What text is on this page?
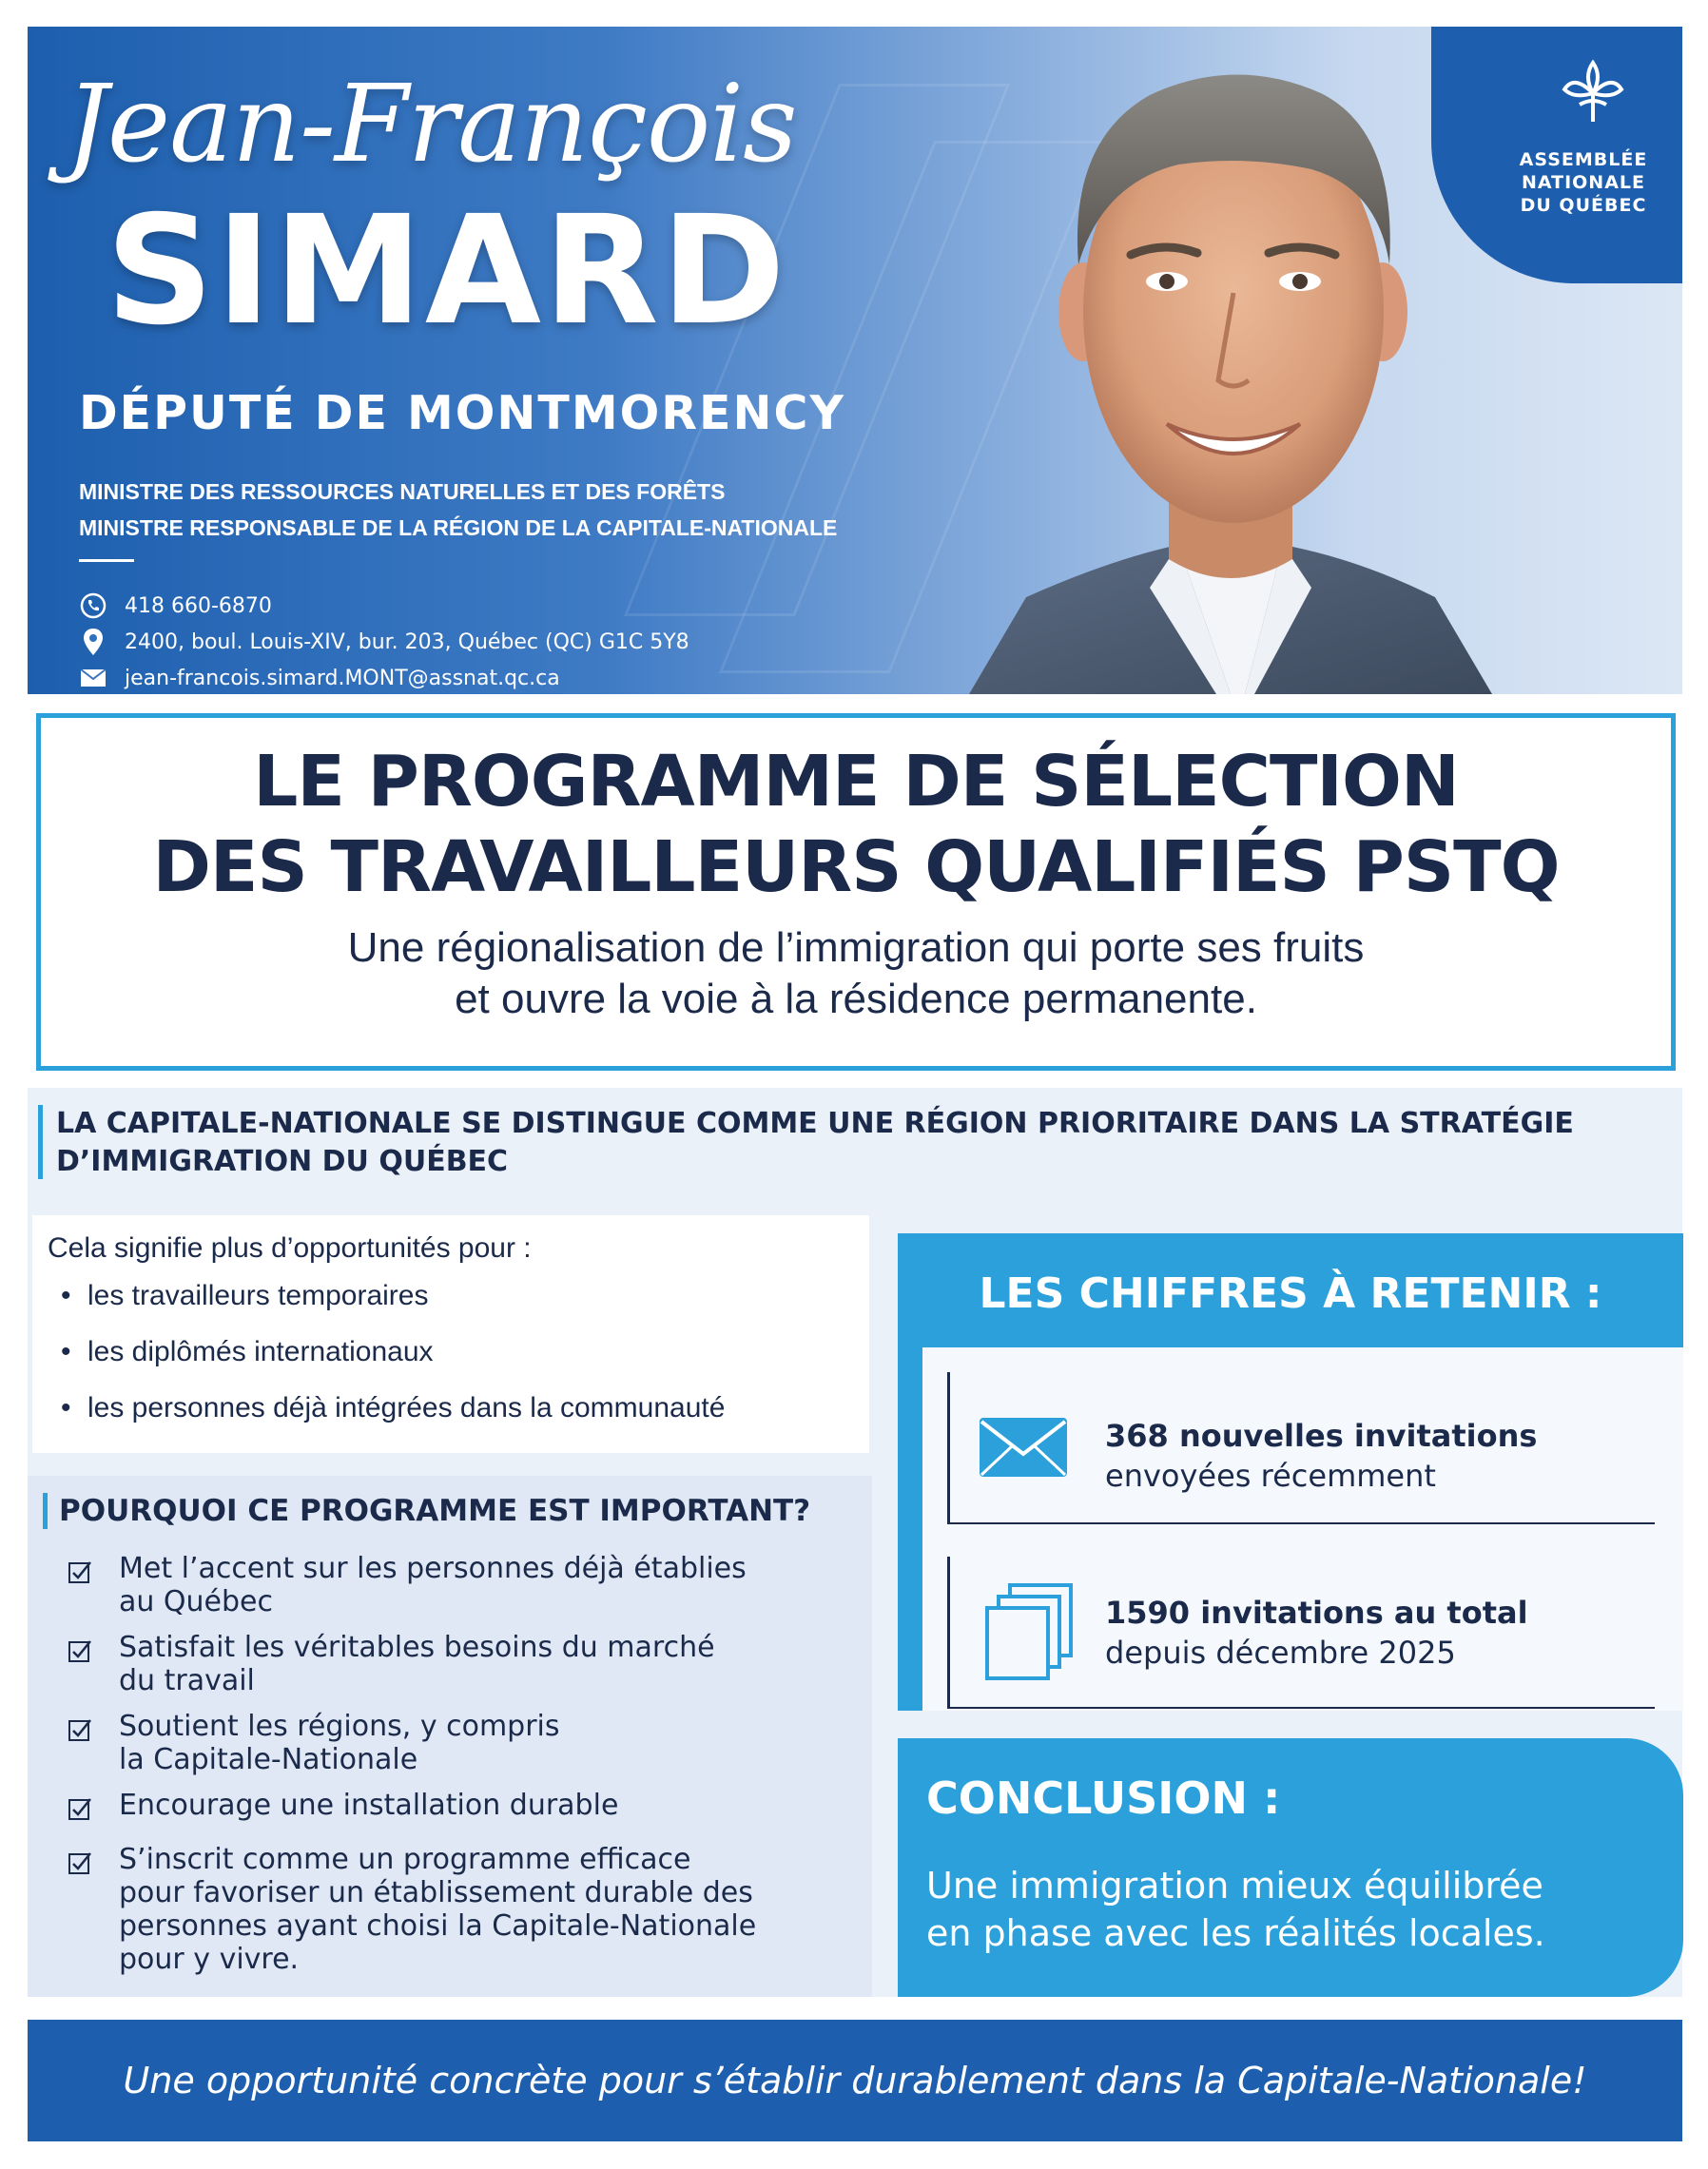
Jean-François
SIMARD
DÉPUTÉ DE MONTMORENCY
MINISTRE DES RESSOURCES NATURELLES ET DES FORÊTS
MINISTRE RESPONSABLE DE LA RÉGION DE LA CAPITALE-NATIONALE
418 660-6870
2400, boul. Louis-XIV, bur. 203, Québec (QC) G1C 5Y8
jean-francois.simard.MONT@assnat.qc.ca
ASSEMBLÉE
NATIONALE
DU QUÉBEC
LE PROGRAMME DE SÉLECTION
DES TRAVAILLEURS QUALIFIÉS PSTQ
Une régionalisation de l’immigration qui porte ses fruits
et ouvre la voie à la résidence permanente.
LA CAPITALE-NATIONALE SE DISTINGUE COMME UNE RÉGION PRIORITAIRE DANS LA STRATÉGIE
D’IMMIGRATION DU QUÉBEC
Cela signifie plus d’opportunités pour :
• les travailleurs temporaires
• les diplômés internationaux
• les personnes déjà intégrées dans la communauté
POURQUOI CE PROGRAMME EST IMPORTANT?
Met l’accent sur les personnes déjà établies
au Québec
Satisfait les véritables besoins du marché
du travail
Soutient les régions, y compris
la Capitale-Nationale
Encourage une installation durable
S’inscrit comme un programme efficace
pour favoriser un établissement durable des
personnes ayant choisi la Capitale-Nationale
pour y vivre.
LES CHIFFRES À RETENIR :
368 nouvelles invitations
envoyées récemment
1590 invitations au total
depuis décembre 2025
CONCLUSION :
Une immigration mieux équilibrée
en phase avec les réalités locales.
Une opportunité concrète pour s’établir durablement dans la Capitale-Nationale!
